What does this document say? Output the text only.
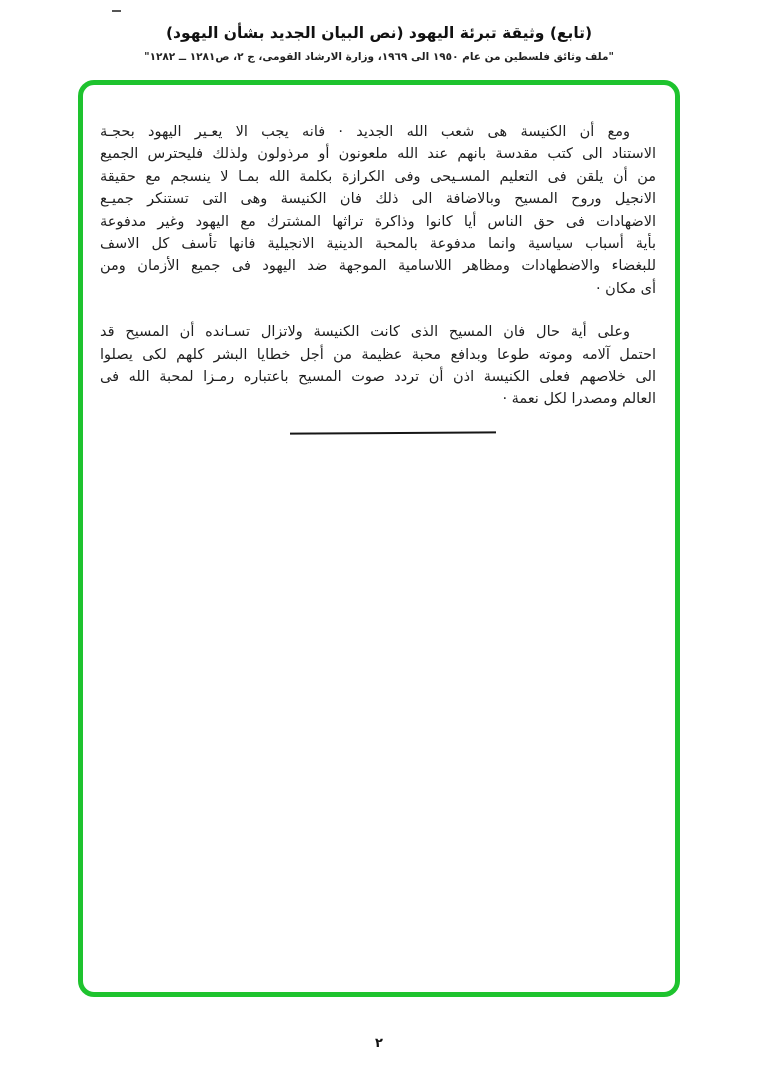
(تابع) وثيقة تبرئة اليهود (نص البيان الجديد بشأن اليهود)
"ملف وثائق فلسطين من عام ١٩٥٠ الى ١٩٦٩، وزارة الارشاد القومى، ج ٢، ص١٢٨١ ــ ١٢٨٢"
ومع أن الكنيسة هى شعب الله الجديد · فانه يجب الا يعـير اليهود بحجـة
الاستناد الى كتب مقدسة بانهم عند الله ملعونون أو مرذولون ولذلك فليحترس الجميع
من أن يلقن فى التعليم المسـيحى وفى الكرازة بكلمة الله بمـا لا ينسجم مع حقيقة
الانجيل وروح المسيح وبالاضافة الى ذلك فان الكنيسة وهى التى تستنكر جميـع
الاضهادات فى حق الناس أيا كانوا وذاكرة تراثها المشترك مع اليهود وغير مدفوعة
بأية أسباب سياسية وانما مدفوعة بالمحبة الدينية الانجيلية فانها تأسف كل الاسف
للبغضاء والاضطهادات ومظاهر اللاسامية الموجهة ضد اليهود فى جميع الأزمان ومن
أى مكان ·
وعلى أية حال فان المسيح الذى كانت الكنيسة ولاتزال تسـانده أن المسيح قد
احتمل آلامه وموته طوعا وبدافع محبة عظيمة من أجل خطايا البشر كلهم لكى يصلوا
الى خلاصهم فعلى الكنيسة اذن أن تردد صوت المسيح باعتباره رمـزا لمحبة الله فى
العالم ومصدرا لكل نعمة ·
٢
